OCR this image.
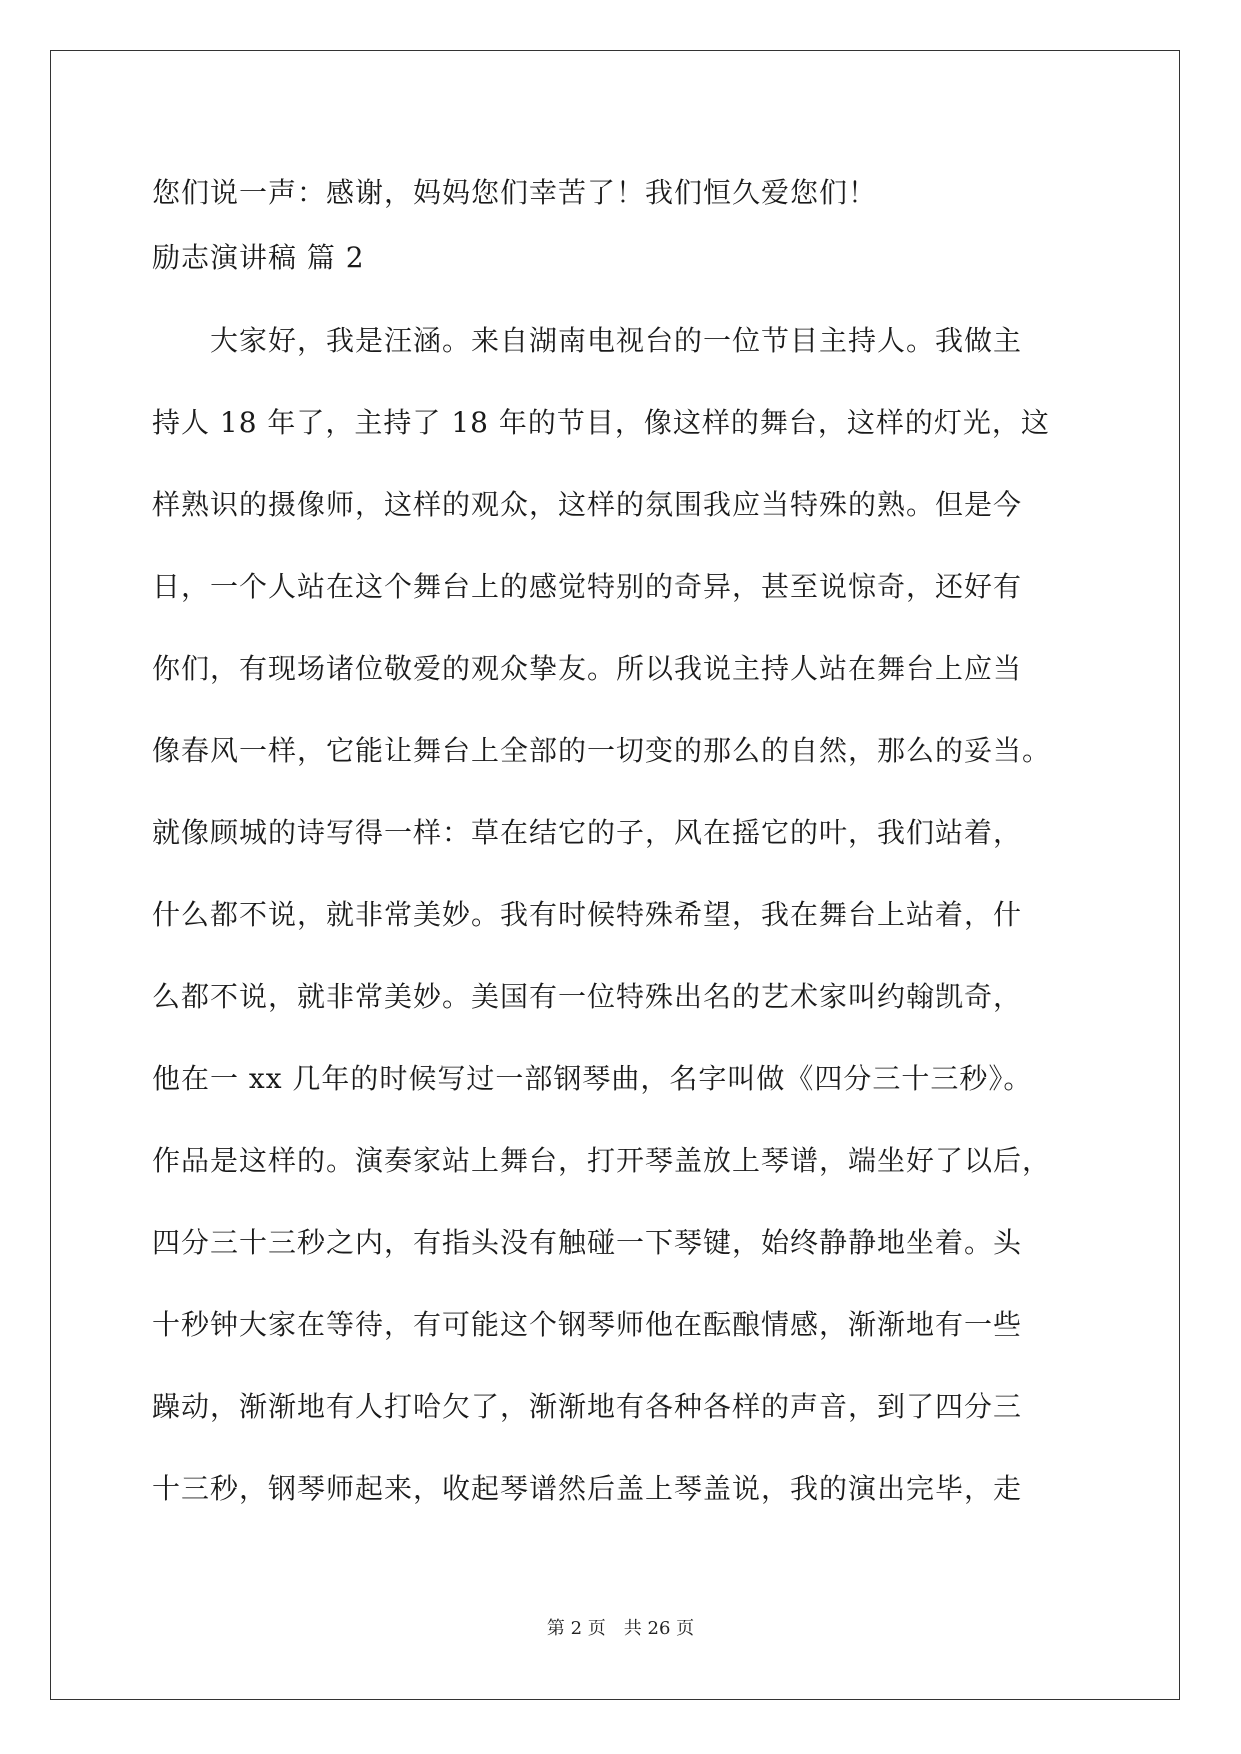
您们说一声：感谢，妈妈您们幸苦了！我们恒久爱您们！
励志演讲稿 篇 2
　　大家好，我是汪涵。来自湖南电视台的一位节目主持人。我做主
持人 18 年了，主持了 18 年的节目，像这样的舞台，这样的灯光，这
样熟识的摄像师，这样的观众，这样的氛围我应当特殊的熟。但是今
日，一个人站在这个舞台上的感觉特别的奇异，甚至说惊奇，还好有
你们，有现场诸位敬爱的观众挚友。所以我说主持人站在舞台上应当
像春风一样，它能让舞台上全部的一切变的那么的自然，那么的妥当。
就像顾城的诗写得一样：草在结它的子，风在摇它的叶，我们站着，
什么都不说，就非常美妙。我有时候特殊希望，我在舞台上站着，什
么都不说，就非常美妙。美国有一位特殊出名的艺术家叫约翰凯奇，
他在一 xx 几年的时候写过一部钢琴曲，名字叫做《四分三十三秒》。
作品是这样的。演奏家站上舞台，打开琴盖放上琴谱，端坐好了以后，
四分三十三秒之内，有指头没有触碰一下琴键，始终静静地坐着。头
十秒钟大家在等待，有可能这个钢琴师他在酝酿情感，渐渐地有一些
躁动，渐渐地有人打哈欠了，渐渐地有各种各样的声音，到了四分三
十三秒，钢琴师起来，收起琴谱然后盖上琴盖说，我的演出完毕，走
第 2 页　共 26 页
